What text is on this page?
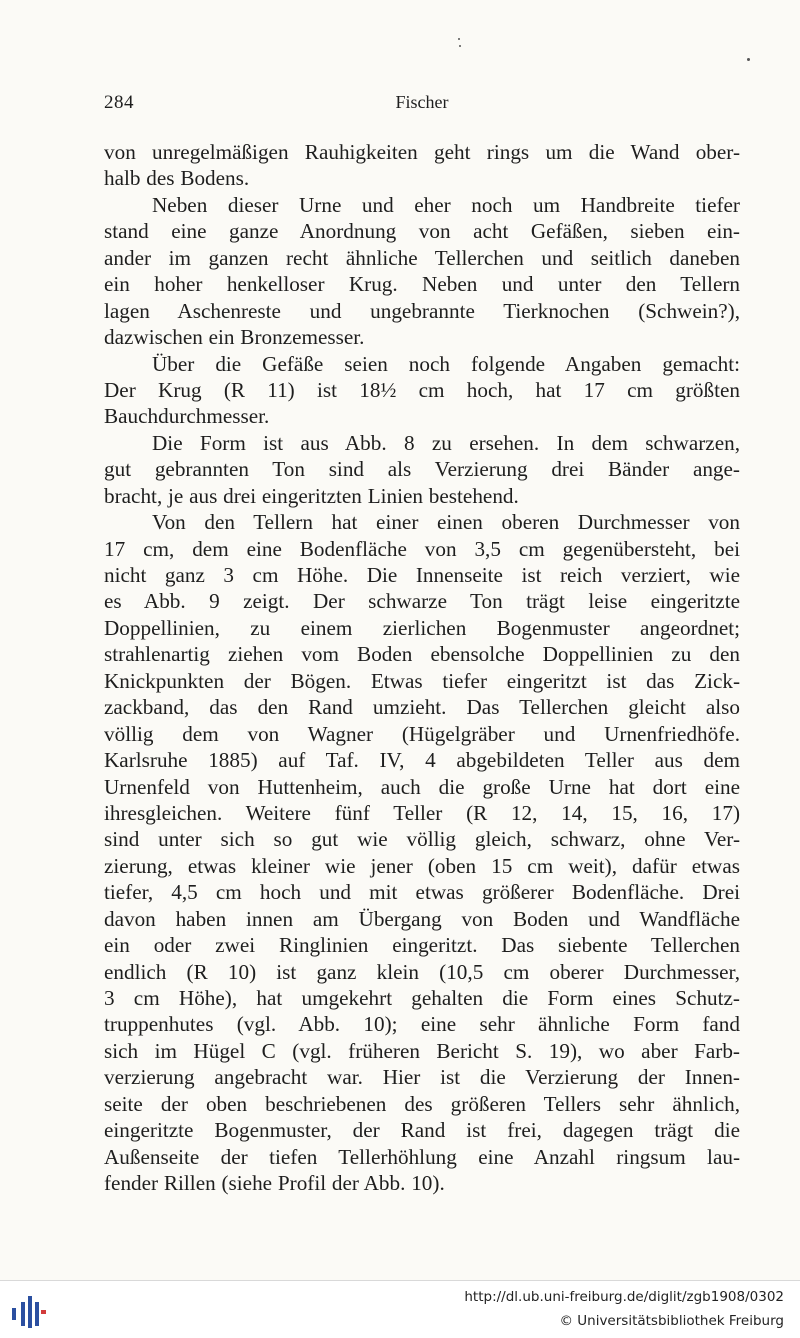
284	Fischer
von unregelmäßigen Rauhigkeiten geht rings um die Wand ober-
halb des Bodens.
Neben dieser Urne und eher noch um Handbreite tiefer
stand eine ganze Anordnung von acht Gefäßen, sieben ein-
ander im ganzen recht ähnliche Tellerchen und seitlich daneben
ein hoher henkelloser Krug. Neben und unter den Tellern
lagen Aschenreste und ungebrannte Tierknochen (Schwein?),
dazwischen ein Bronzemesser.
Über die Gefäße seien noch folgende Angaben gemacht:
Der Krug (R 11) ist 18½ cm hoch, hat 17 cm größten
Bauchdurchmesser.
Die Form ist aus Abb. 8 zu ersehen. In dem schwarzen,
gut gebrannten Ton sind als Verzierung drei Bänder ange-
bracht, je aus drei eingeritzten Linien bestehend.
Von den Tellern hat einer einen oberen Durchmesser von
17 cm, dem eine Bodenfläche von 3,5 cm gegenübersteht, bei
nicht ganz 3 cm Höhe. Die Innenseite ist reich verziert, wie
es Abb. 9 zeigt. Der schwarze Ton trägt leise eingeritzte
Doppellinien, zu einem zierlichen Bogenmuster angeordnet;
strahlenartig ziehen vom Boden ebensolche Doppellinien zu den
Knickpunkten der Bögen. Etwas tiefer eingeritzt ist das Zick-
zackband, das den Rand umzieht. Das Tellerchen gleicht also
völlig dem von Wagner (Hügelgräber und Urnenfriedhöfe.
Karlsruhe 1885) auf Taf. IV, 4 abgebildeten Teller aus dem
Urnenfeld von Huttenheim, auch die große Urne hat dort eine
ihresgleichen. Weitere fünf Teller (R 12, 14, 15, 16, 17)
sind unter sich so gut wie völlig gleich, schwarz, ohne Ver-
zierung, etwas kleiner wie jener (oben 15 cm weit), dafür etwas
tiefer, 4,5 cm hoch und mit etwas größerer Bodenfläche. Drei
davon haben innen am Übergang von Boden und Wandfläche
ein oder zwei Ringlinien eingeritzt. Das siebente Tellerchen
endlich (R 10) ist ganz klein (10,5 cm oberer Durchmesser,
3 cm Höhe), hat umgekehrt gehalten die Form eines Schutz-
truppenhutes (vgl. Abb. 10); eine sehr ähnliche Form fand
sich im Hügel C (vgl. früheren Bericht S. 19), wo aber Farb-
verzierung angebracht war. Hier ist die Verzierung der Innen-
seite der oben beschriebenen des größeren Tellers sehr ähnlich,
eingeritzte Bogenmuster, der Rand ist frei, dagegen trägt die
Außenseite der tiefen Tellerhöhlung eine Anzahl ringsum lau-
fender Rillen (siehe Profil der Abb. 10).
http://dl.ub.uni-freiburg.de/diglit/zgb1908/0302
© Universitätsbibliothek Freiburg
